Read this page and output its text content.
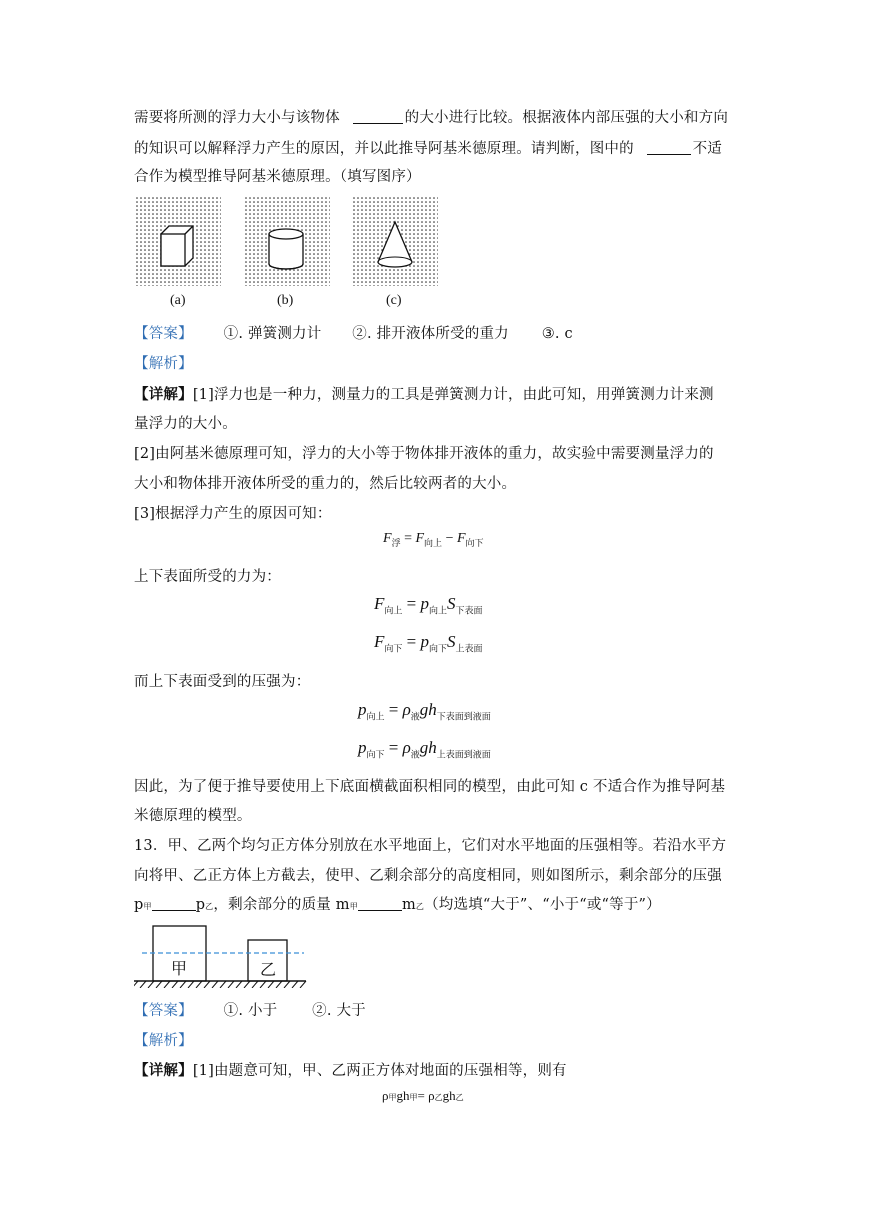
需要将所测的浮力大小与该物体	的大小进行比较。根据液体内部压强的大小和方向
的知识可以解释浮力产生的原因，并以此推导阿基米德原理。请判断，图中的	不适
合作为模型推导阿基米德原理。（填写图序）
(a)	(b)	(c)
【答案】 ①. 弹簧测力计 ②. 排开液体所受的重力 ③. c
【解析】
【详解】[1]浮力也是一种力，测量力的工具是弹簧测力计，由此可知，用弹簧测力计来测
量浮力的大小。
[2]由阿基米德原理可知，浮力的大小等于物体排开液体的重力，故实验中需要测量浮力的
大小和物体排开液体所受的重力的，然后比较两者的大小。
[3]根据浮力产生的原因可知：
$F_浮 = F_{向上} - F_{向下}$
上下表面所受的力为：
$F_{向上} = p_{向上}S_{下表面}$
$F_{向下} = p_{向下}S_{上表面}$
而上下表面受到的压强为：
$p_{向上} = \rho_液gh_{下表面到液面}$
$p_{向下} = \rho_液gh_{上表面到液面}$
因此，为了便于推导要使用上下底面横截面积相同的模型，由此可知 c 不适合作为推导阿基
米德原理的模型。
13．甲、乙两个均匀正方体分别放在水平地面上，它们对水平地面的压强相等。若沿水平方
向将甲、乙正方体上方截去，使甲、乙剩余部分的高度相同，则如图所示，剩余部分的压强
p甲	p乙，剩余部分的质量 m甲	m乙（均选填“大于”、“小于“或“等于”）
甲	乙
【答案】 ①. 小于 ②. 大于
【解析】
【详解】[1]由题意可知，甲、乙两正方体对地面的压强相等，则有
ρ甲gh甲= ρ乙gh乙
